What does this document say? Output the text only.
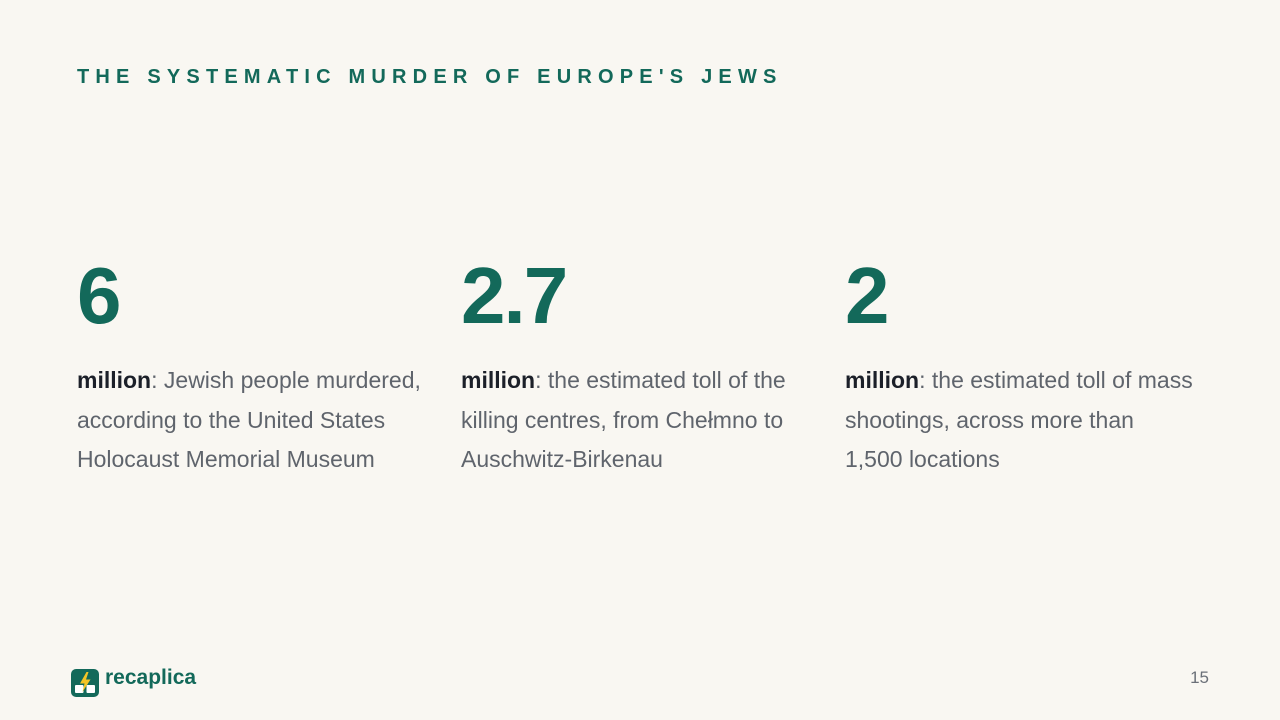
THE SYSTEMATIC MURDER OF EUROPE'S JEWS
6

million: Jewish people murdered, according to the United States Holocaust Memorial Museum

2.7

million: the estimated toll of the killing centres, from Chełmno to Auschwitz-Birkenau

2

million: the estimated toll of mass shootings, across more than 1,500 locations

recaplica	15
